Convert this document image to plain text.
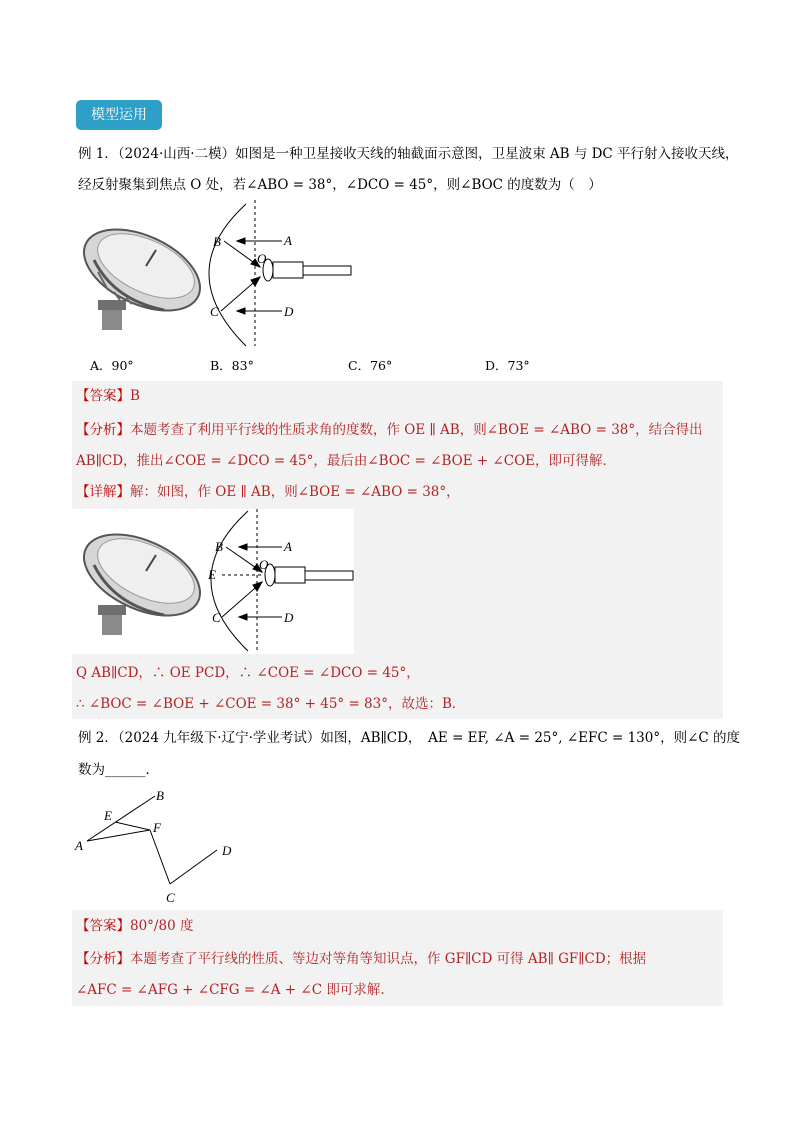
模型运用
例 1．（2024·山西·二模）如图是一种卫星接收天线的轴截面示意图，卫星波束 AB 与 DC 平行射入接收天线，
经反射聚集到焦点 O 处，若∠ABO = 38°，∠DCO = 45°，则∠BOC 的度数为（　）
B	A
O
C	D
A．90°	B．83°	C．76°	D．73°
【答案】B
【分析】本题考查了利用平行线的性质求角的度数，作 OE ∥ AB，则∠BOE = ∠ABO = 38°，结合得出
AB∥CD，推出∠COE = ∠DCO = 45°，最后由∠BOC = ∠BOE + ∠COE，即可得解．
【详解】解：如图，作 OE ∥ AB，则∠BOE = ∠ABO = 38°，
B	A
E
O
C	D
Q AB∥CD，∴ OE PCD，∴ ∠COE = ∠DCO = 45°，
∴ ∠BOC = ∠BOE + ∠COE = 38° + 45° = 83°，故选：B．
例 2．（2024 九年级下·辽宁·学业考试）如图，AB∥CD，　AE = EF, ∠A = 25°, ∠EFC = 130°，则∠C 的度
数为______．
B
E
F
A	D
C
【答案】80°/80 度
【分析】本题考查了平行线的性质、等边对等角等知识点，作 GF∥CD 可得 AB∥ GF∥CD；根据
∠AFC = ∠AFG + ∠CFG = ∠A + ∠C 即可求解.
